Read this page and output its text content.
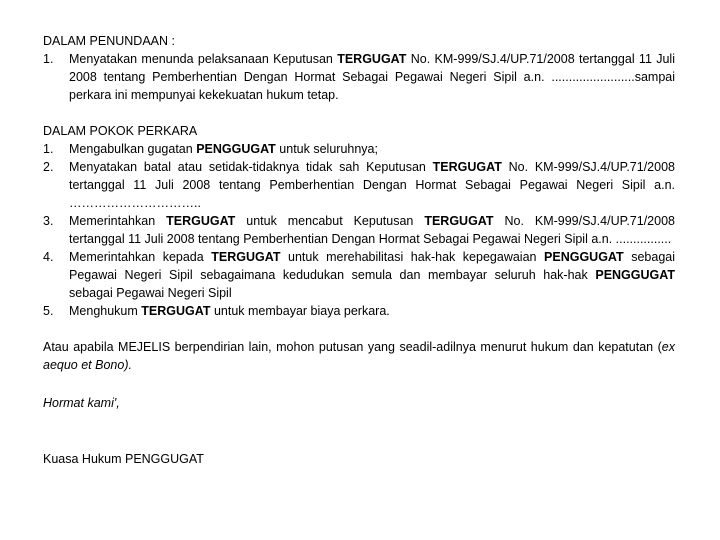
DALAM PENUNDAAN :
1.	Menyatakan menunda pelaksanaan Keputusan TERGUGAT No. KM-999/SJ.4/UP.71/2008 tertanggal 11 Juli 2008 tentang Pemberhentian Dengan Hormat Sebagai Pegawai Negeri Sipil a.n. ........................sampai perkara ini mempunyai kekekuatan hukum tetap.
DALAM POKOK PERKARA
1.	Mengabulkan gugatan PENGGUGAT untuk seluruhnya;
2.	Menyatakan batal atau setidak-tidaknya tidak sah Keputusan TERGUGAT No. KM-999/SJ.4/UP.71/2008 tertanggal 11 Juli 2008 tentang Pemberhentian Dengan Hormat Sebagai Pegawai Negeri Sipil a.n. …………………………..
3.	Memerintahkan TERGUGAT untuk mencabut Keputusan TERGUGAT No. KM-999/SJ.4/UP.71/2008 tertanggal 11 Juli 2008 tentang Pemberhentian Dengan Hormat Sebagai Pegawai Negeri Sipil a.n. ................
4.	Memerintahkan kepada TERGUGAT untuk merehabilitasi hak-hak kepegawaian PENGGUGAT sebagai Pegawai Negeri Sipil sebagaimana kedudukan semula dan membayar seluruh hak-hak PENGGUGAT sebagai Pegawai Negeri Sipil
5.	Menghukum TERGUGAT untuk membayar biaya perkara.

Atau apabila MEJELIS berpendirian lain, mohon putusan yang seadil-adilnya menurut hukum dan kepatutan (ex aequo et Bono).

Hormat kami',

Kuasa Hukum PENGGUGAT
